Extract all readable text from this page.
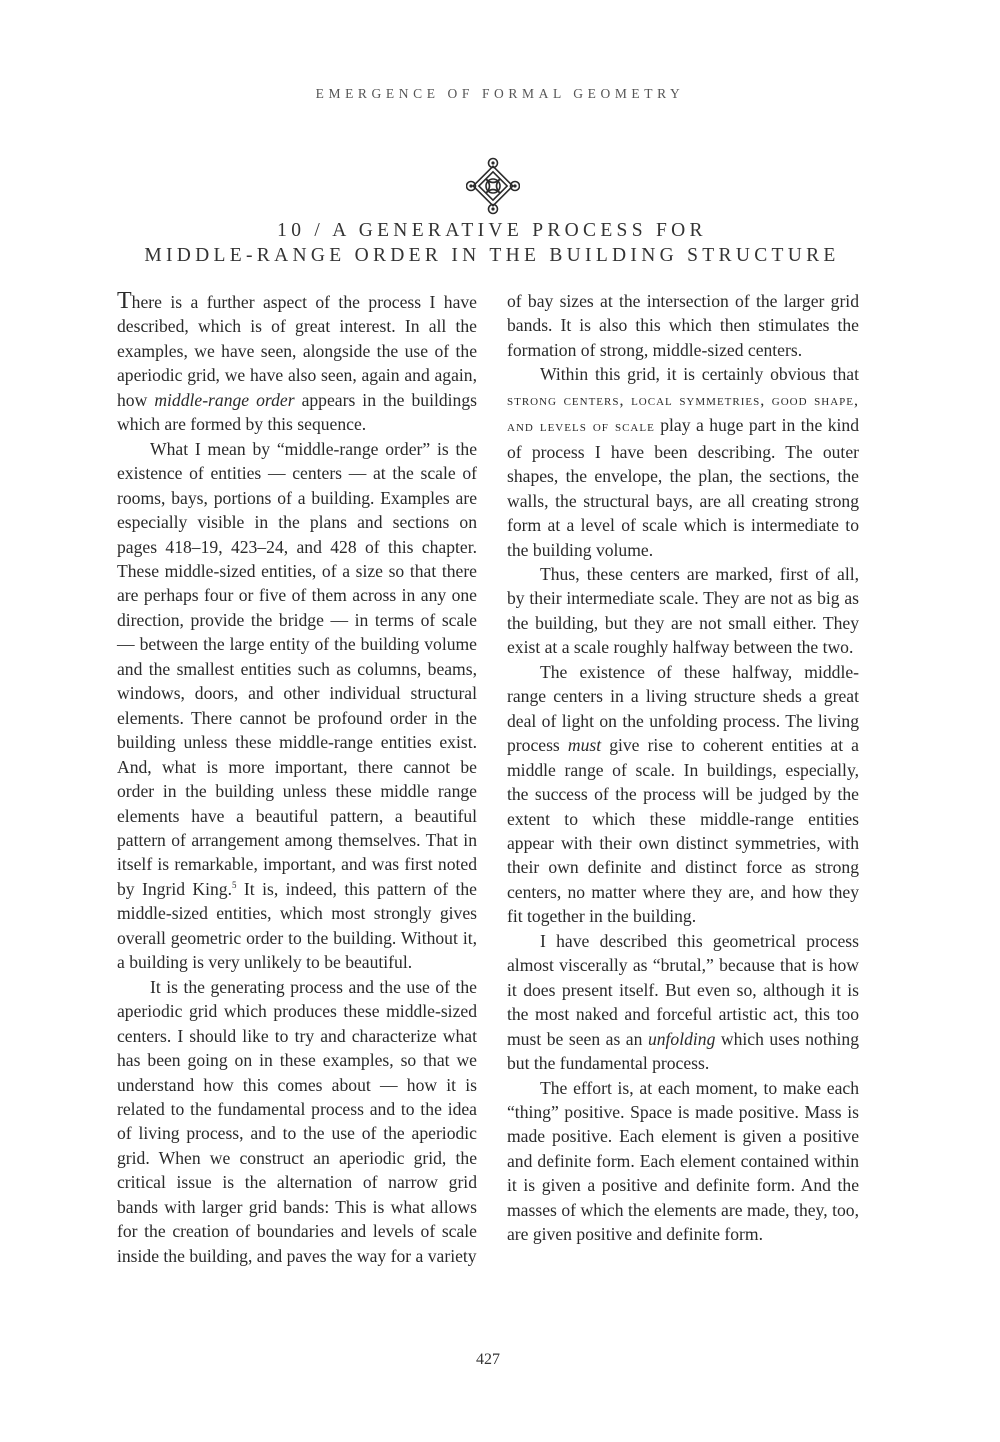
EMERGENCE OF FORMAL GEOMETRY
10 / A GENERATIVE PROCESS FOR
MIDDLE-RANGE ORDER IN THE BUILDING STRUCTURE

There is a further aspect of the process I have described, which is of great interest. In all the examples, we have seen, alongside the use of the aperiodic grid, we have also seen, again and again, how middle-range order appears in the buildings which are formed by this sequence.

What I mean by “middle-range order” is the existence of entities — centers — at the scale of rooms, bays, portions of a building. Examples are especially visible in the plans and sections on pages 418–19, 423–24, and 428 of this chapter. These middle-sized entities, of a size so that there are perhaps four or five of them across in any one direction, provide the bridge — in terms of scale — between the large entity of the building volume and the smallest entities such as columns, beams, windows, doors, and other individual structural elements. There cannot be profound order in the building unless these middle-range entities exist. And, what is more important, there cannot be order in the building unless these middle range elements have a beautiful pattern, a beautiful pattern of arrangement among themselves. That in itself is remarkable, important, and was first noted by Ingrid King.$^5$ It is, indeed, this pattern of the middle-sized entities, which most strongly gives overall geometric order to the building. Without it, a building is very unlikely to be beautiful.

It is the generating process and the use of the aperiodic grid which produces these middle-sized centers. I should like to try and characterize what has been going on in these examples, so that we understand how this comes about — how it is related to the fundamental process and to the idea of living process, and to the use of the aperiodic grid. When we construct an aperiodic grid, the critical issue is the alternation of narrow grid bands with larger grid bands: This is what allows for the creation of boundaries and levels of scale inside the building, and paves the way for a variety

of bay sizes at the intersection of the larger grid bands. It is also this which then stimulates the formation of strong, middle-sized centers.

Within this grid, it is certainly obvious that strong centers, local symmetries, good shape, and levels of scale play a huge part in the kind of process I have been describing. The outer shapes, the envelope, the plan, the sections, the walls, the structural bays, are all creating strong form at a level of scale which is intermediate to the building volume.

Thus, these centers are marked, first of all, by their intermediate scale. They are not as big as the building, but they are not small either. They exist at a scale roughly halfway between the two.

The existence of these halfway, middle-range centers in a living structure sheds a great deal of light on the unfolding process. The living process must give rise to coherent entities at a middle range of scale. In buildings, especially, the success of the process will be judged by the extent to which these middle-range entities appear with their own distinct symmetries, with their own definite and distinct force as strong centers, no matter where they are, and how they fit together in the building.

I have described this geometrical process almost viscerally as “brutal,” because that is how it does present itself. But even so, although it is the most naked and forceful artistic act, this too must be seen as an unfolding which uses nothing but the fundamental process.

The effort is, at each moment, to make each “thing” positive. Space is made positive. Mass is made positive. Each element is given a positive and definite form. Each element contained within it is given a positive and definite form. And the masses of which the elements are made, they, too, are given positive and definite form.

427
